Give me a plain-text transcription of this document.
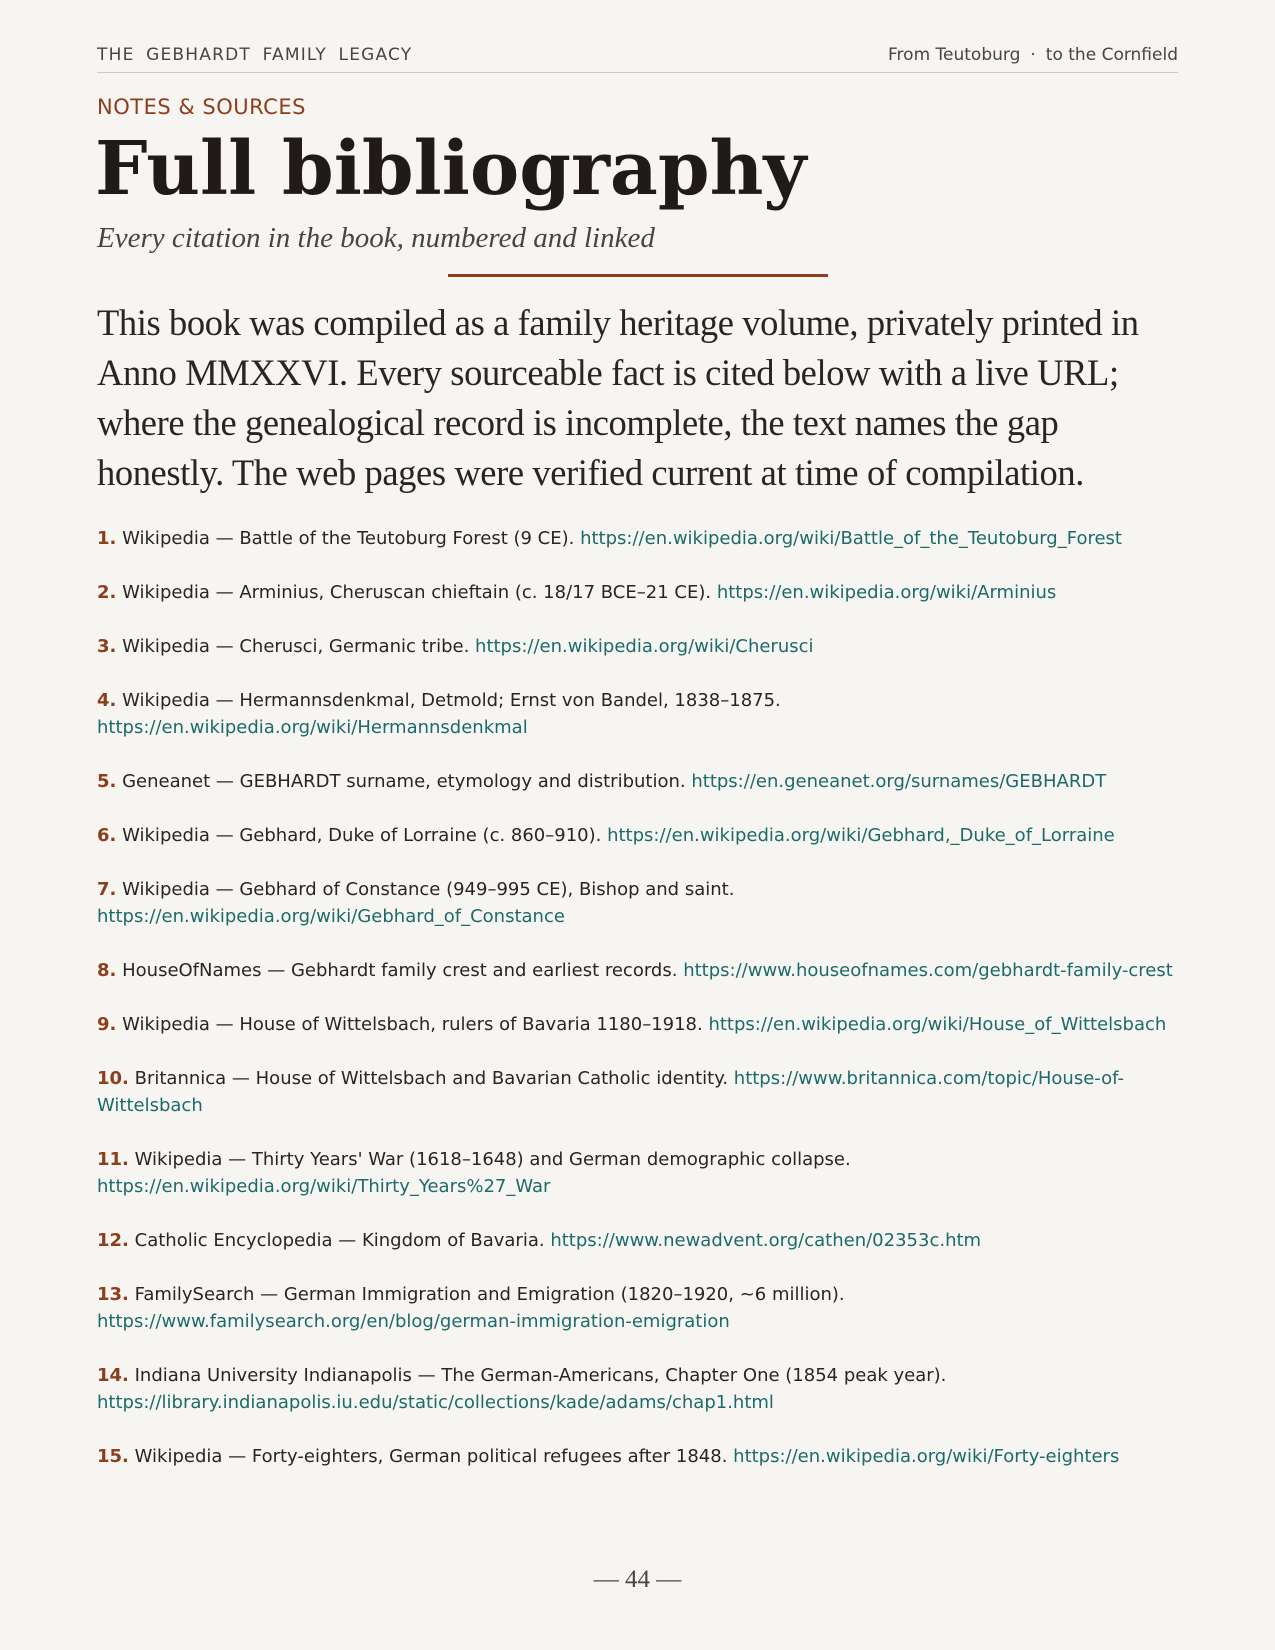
THE GEBHARDT FAMILY LEGACY	From Teutoburg · to the Cornfield
NOTES & SOURCES
Full bibliography
Every citation in the book, numbered and linked

This book was compiled as a family heritage volume, privately printed in Anno MMXXVI. Every sourceable fact is cited below with a live URL; where the genealogical record is incomplete, the text names the gap honestly. The web pages were verified current at time of compilation.

1. Wikipedia — Battle of the Teutoburg Forest (9 CE). https://en.wikipedia.org/wiki/Battle_of_the_Teutoburg_Forest
2. Wikipedia — Arminius, Cheruscan chieftain (c. 18/17 BCE–21 CE). https://en.wikipedia.org/wiki/Arminius
3. Wikipedia — Cherusci, Germanic tribe. https://en.wikipedia.org/wiki/Cherusci
4. Wikipedia — Hermannsdenkmal, Detmold; Ernst von Bandel, 1838–1875. https://en.wikipedia.org/wiki/Hermannsdenkmal
5. Geneanet — GEBHARDT surname, etymology and distribution. https://en.geneanet.org/surnames/GEBHARDT
6. Wikipedia — Gebhard, Duke of Lorraine (c. 860–910). https://en.wikipedia.org/wiki/Gebhard,_Duke_of_Lorraine
7. Wikipedia — Gebhard of Constance (949–995 CE), Bishop and saint. https://en.wikipedia.org/wiki/Gebhard_of_Constance
8. HouseOfNames — Gebhardt family crest and earliest records. https://www.houseofnames.com/gebhardt-family-crest
9. Wikipedia — House of Wittelsbach, rulers of Bavaria 1180–1918. https://en.wikipedia.org/wiki/House_of_Wittelsbach
10. Britannica — House of Wittelsbach and Bavarian Catholic identity. https://www.britannica.com/topic/House-of-Wittelsbach
11. Wikipedia — Thirty Years' War (1618–1648) and German demographic collapse. https://en.wikipedia.org/wiki/Thirty_Years%27_War
12. Catholic Encyclopedia — Kingdom of Bavaria. https://www.newadvent.org/cathen/02353c.htm
13. FamilySearch — German Immigration and Emigration (1820–1920, ~6 million). https://www.familysearch.org/en/blog/german-immigration-emigration
14. Indiana University Indianapolis — The German-Americans, Chapter One (1854 peak year). https://library.indianapolis.iu.edu/static/collections/kade/adams/chap1.html
15. Wikipedia — Forty-eighters, German political refugees after 1848. https://en.wikipedia.org/wiki/Forty-eighters
— 44 —
